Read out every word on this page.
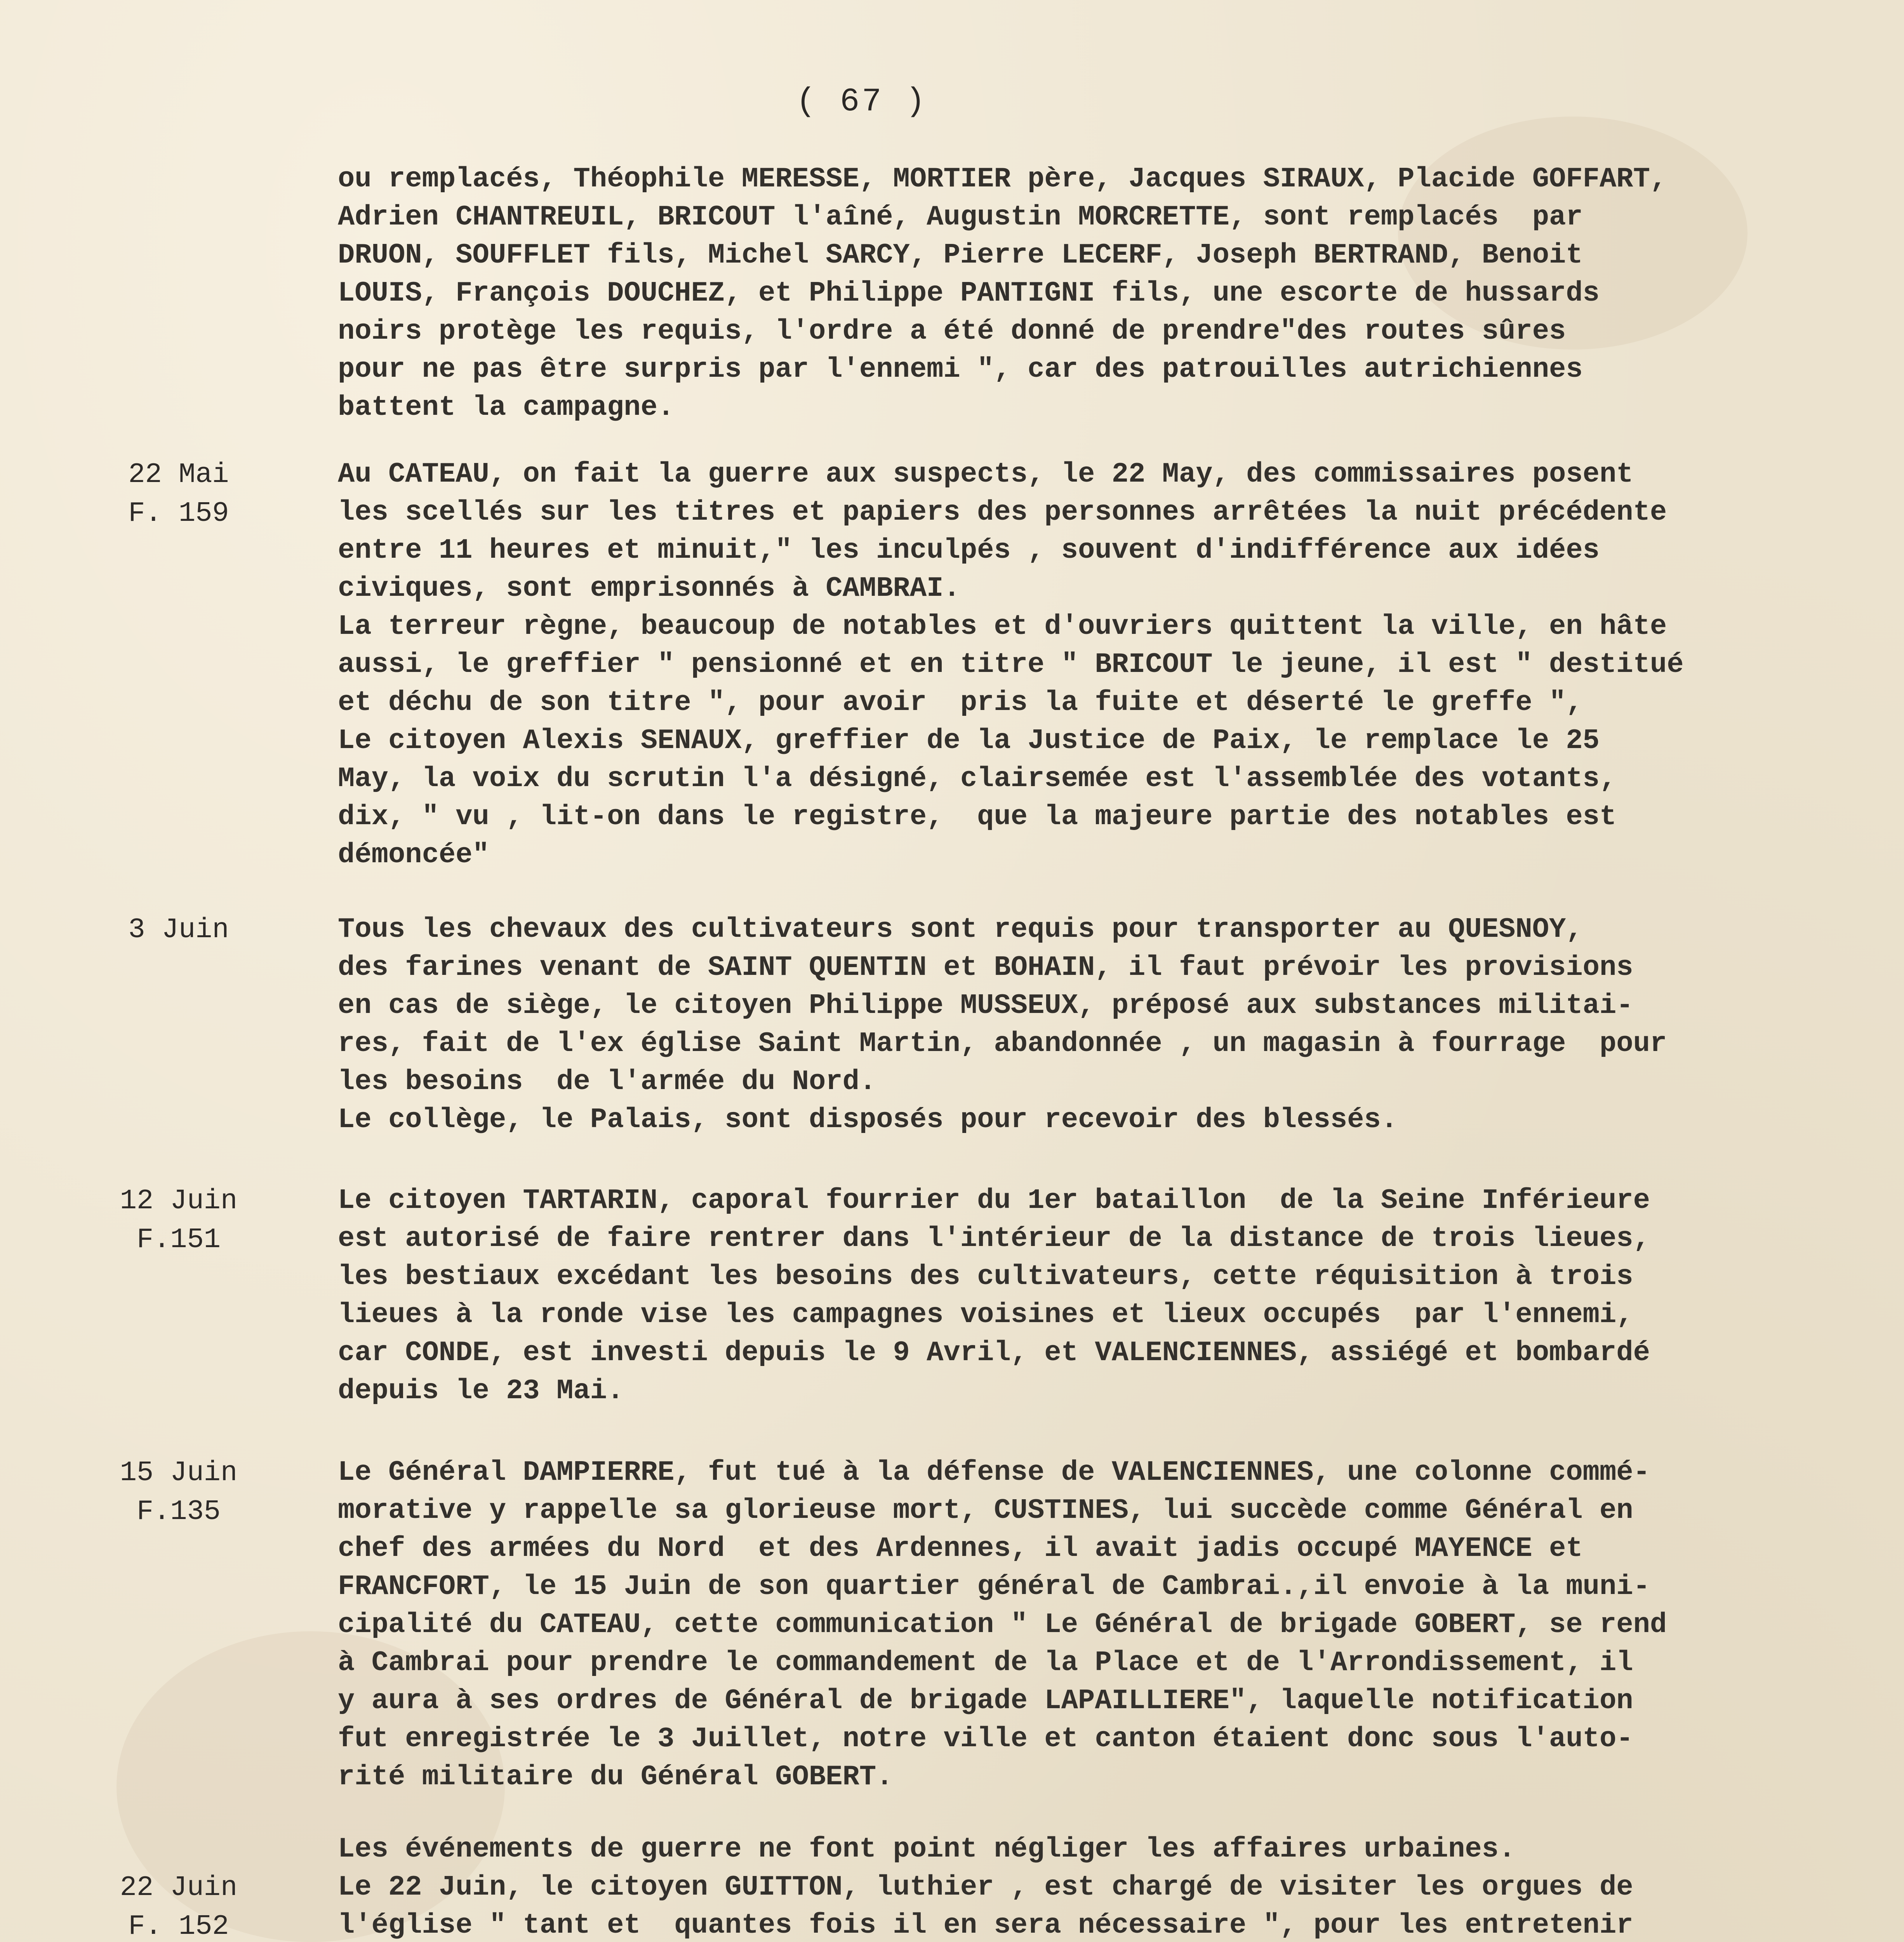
( 67 )
ou remplacés, Théophile MERESSE, MORTIER père, Jacques SIRAUX, Placide GOFFART,
Adrien CHANTREUIL, BRICOUT l'aîné, Augustin MORCRETTE, sont remplacés  par
DRUON, SOUFFLET fils, Michel SARCY, Pierre LECERF, Joseph BERTRAND, Benoit
LOUIS, François DOUCHEZ, et Philippe PANTIGNI fils, une escorte de hussards
noirs protège les requis, l'ordre a été donné de prendre"des routes sûres
pour ne pas être surpris par l'ennemi ", car des patrouilles autrichiennes
battent la campagne.
22 Mai
F. 159
Au CATEAU, on fait la guerre aux suspects, le 22 May, des commissaires posent
les scellés sur les titres et papiers des personnes arrêtées la nuit précédente
entre 11 heures et minuit," les inculpés , souvent d'indifférence aux idées
civiques, sont emprisonnés à CAMBRAI.
La terreur règne, beaucoup de notables et d'ouvriers quittent la ville, en hâte
aussi, le greffier " pensionné et en titre " BRICOUT le jeune, il est " destitué
et déchu de son titre ", pour avoir  pris la fuite et déserté le greffe ",
Le citoyen Alexis SENAUX, greffier de la Justice de Paix, le remplace le 25
May, la voix du scrutin l'a désigné, clairsemée est l'assemblée des votants,
dix, " vu , lit-on dans le registre,  que la majeure partie des notables est
démoncée"
3 Juin	Tous les chevaux des cultivateurs sont requis pour transporter au QUESNOY,
des farines venant de SAINT QUENTIN et BOHAIN, il faut prévoir les provisions
en cas de siège, le citoyen Philippe MUSSEUX, préposé aux substances militai-
res, fait de l'ex église Saint Martin, abandonnée , un magasin à fourrage  pour
les besoins  de l'armée du Nord.
Le collège, le Palais, sont disposés pour recevoir des blessés.
12 Juin
F.151
Le citoyen TARTARIN, caporal fourrier du 1er bataillon  de la Seine Inférieure
est autorisé de faire rentrer dans l'intérieur de la distance de trois lieues,
les bestiaux excédant les besoins des cultivateurs, cette réquisition à trois
lieues à la ronde vise les campagnes voisines et lieux occupés  par l'ennemi,
car CONDE, est investi depuis le 9 Avril, et VALENCIENNES, assiégé et bombardé
depuis le 23 Mai.
15 Juin
F.135
Le Général DAMPIERRE, fut tué à la défense de VALENCIENNES, une colonne commé-
morative y rappelle sa glorieuse mort, CUSTINES, lui succède comme Général en
chef des armées du Nord  et des Ardennes, il avait jadis occupé MAYENCE et
FRANCFORT, le 15 Juin de son quartier général de Cambrai.,il envoie à la muni-
cipalité du CATEAU, cette communication " Le Général de brigade GOBERT, se rend
à Cambrai pour prendre le commandement de la Place et de l'Arrondissement, il
y aura à ses ordres de Général de brigade LAPAILLIERE", laquelle notification
fut enregistrée le 3 Juillet, notre ville et canton étaient donc sous l'auto-
rité militaire du Général GOBERT.
Les événements de guerre ne font point négliger les affaires urbaines.
22 Juin
F. 152
Le 22 Juin, le citoyen GUITTON, luthier , est chargé de visiter les orgues de
l'église " tant et  quantes fois il en sera nécessaire ", pour les entretenir
